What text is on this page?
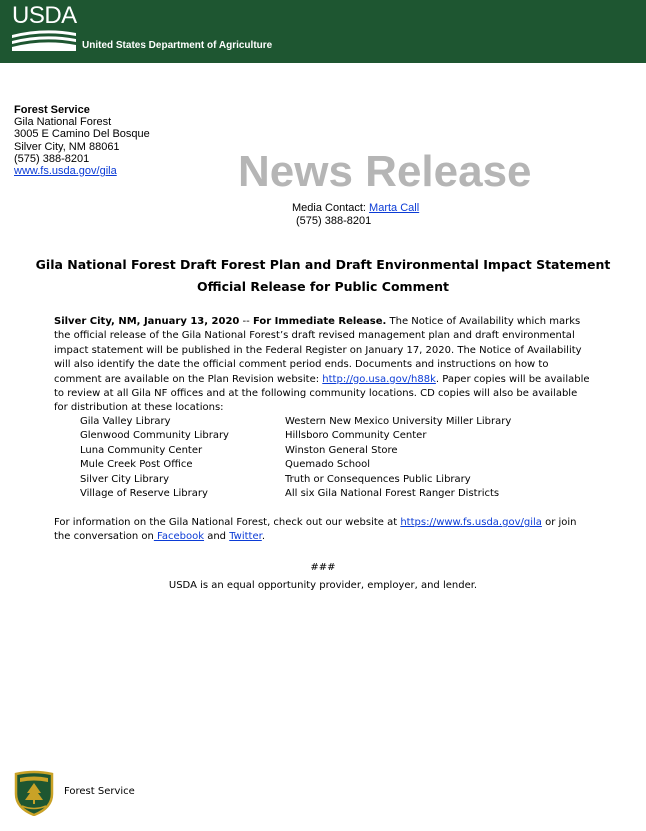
USDA
United States Department of Agriculture
Forest Service
Gila National Forest
3005 E Camino Del Bosque
Silver City, NM 88061
(575) 388-8201
www.fs.usda.gov/gila	News Release
Media Contact: Marta Call
(575) 388-8201
Gila National Forest Draft Forest Plan and Draft Environmental Impact Statement
Official Release for Public Comment
Silver City, NM, January 13, 2020 -- For Immediate Release. The Notice of Availability which marks the official release of the Gila National Forest’s draft revised management plan and draft environmental impact statement will be published in the Federal Register on January 17, 2020. The Notice of Availability will also identify the date the official comment period ends. Documents and instructions on how to comment are available on the Plan Revision website: http://go.usa.gov/h88k. Paper copies will be available to review at all Gila NF offices and at the following community locations. CD copies will also be available for distribution at these locations:
Gila Valley Library	Western New Mexico University Miller Library
Glenwood Community Library	Hillsboro Community Center
Luna Community Center	Winston General Store
Mule Creek Post Office	Quemado School
Silver City Library	Truth or Consequences Public Library
Village of Reserve Library	All six Gila National Forest Ranger Districts
For information on the Gila National Forest, check out our website at https://www.fs.usda.gov/gila or join the conversation on Facebook and Twitter.
###
USDA is an equal opportunity provider, employer, and lender.
Forest Service
